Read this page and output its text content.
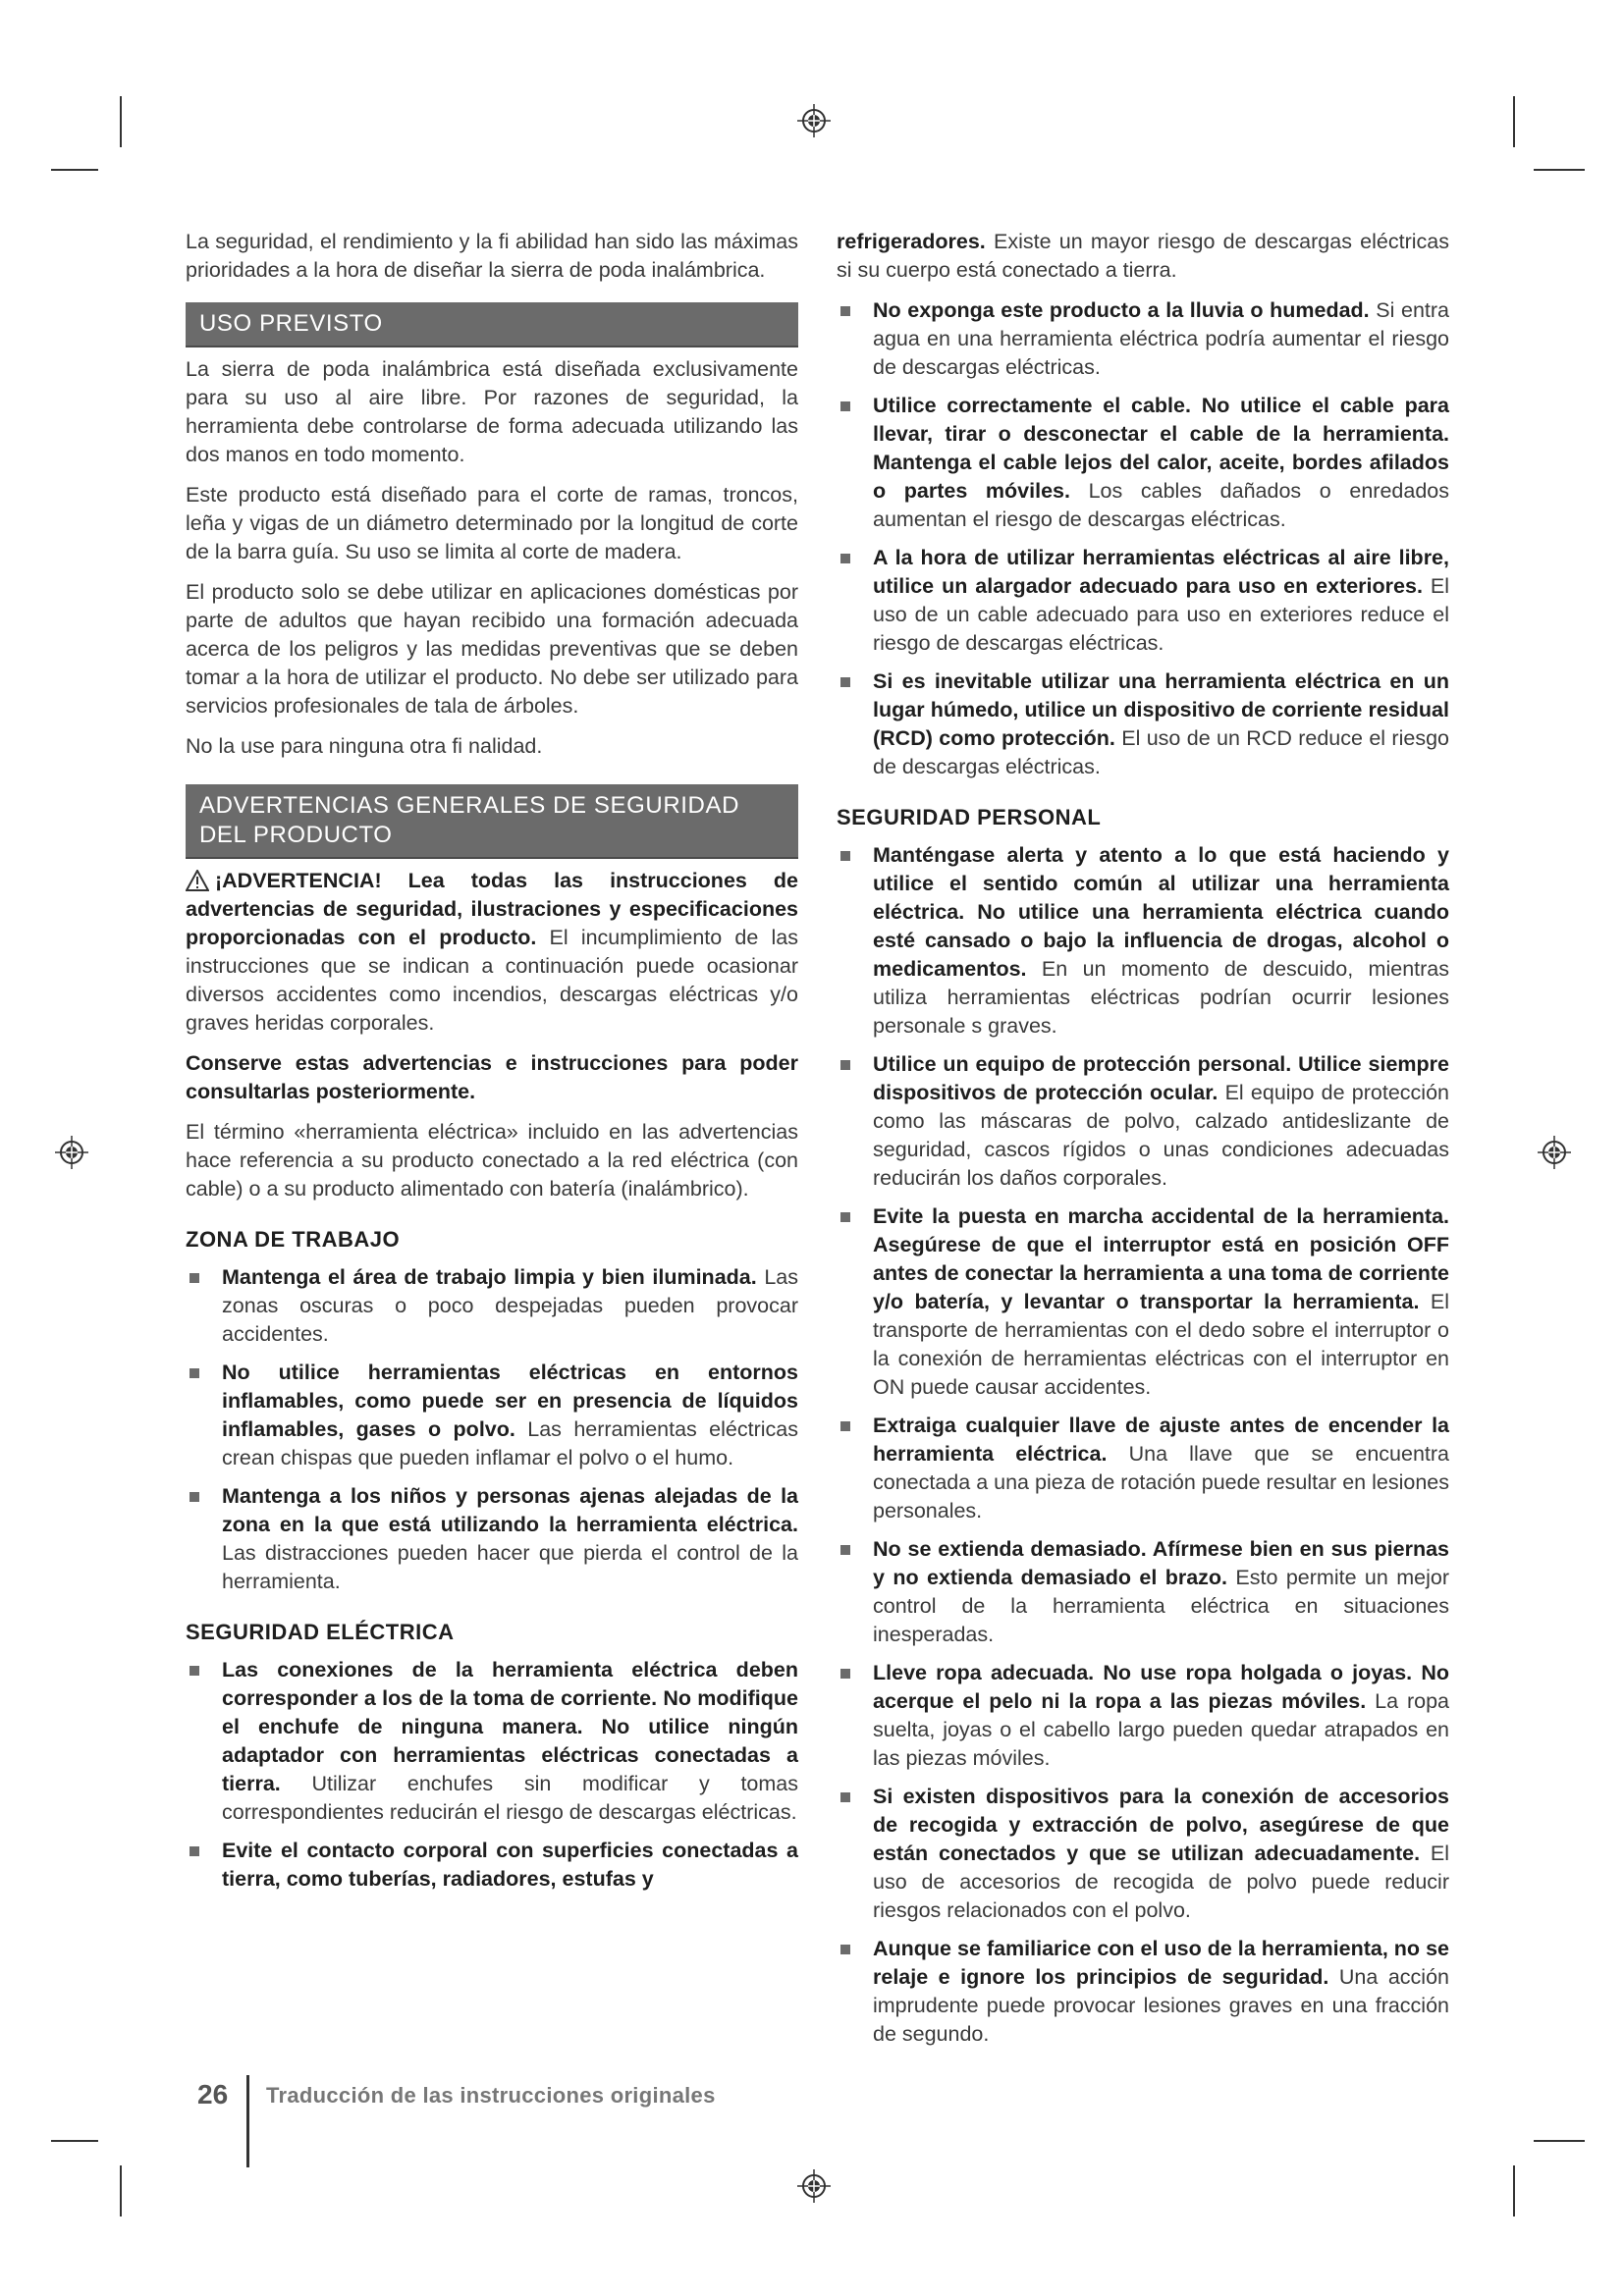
La seguridad, el rendimiento y la fi abilidad han sido las máximas prioridades a la hora de diseñar la sierra de poda inalámbrica.

USO PREVISTO

La sierra de poda inalámbrica está diseñada exclusivamente para su uso al aire libre. Por razones de seguridad, la herramienta debe controlarse de forma adecuada utilizando las dos manos en todo momento.

Este producto está diseñado para el corte de ramas, troncos, leña y vigas de un diámetro determinado por la longitud de corte de la barra guía. Su uso se limita al corte de madera.

El producto solo se debe utilizar en aplicaciones domésticas por parte de adultos que hayan recibido una formación adecuada acerca de los peligros y las medidas preventivas que se deben tomar a la hora de utilizar el producto. No debe ser utilizado para servicios profesionales de tala de árboles.

No la use para ninguna otra fi nalidad.

ADVERTENCIAS GENERALES DE SEGURIDAD DEL PRODUCTO

¡ADVERTENCIA! Lea todas las instrucciones de advertencias de seguridad, ilustraciones y especificaciones proporcionadas con el producto. El incumplimiento de las instrucciones que se indican a continuación puede ocasionar diversos accidentes como incendios, descargas eléctricas y/o graves heridas corporales.

Conserve estas advertencias e instrucciones para poder consultarlas posteriormente.

El término «herramienta eléctrica» incluido en las advertencias hace referencia a su producto conectado a la red eléctrica (con cable) o a su producto alimentado con batería (inalámbrico).

ZONA DE TRABAJO
Mantenga el área de trabajo limpia y bien iluminada. Las zonas oscuras o poco despejadas pueden provocar accidentes.
No utilice herramientas eléctricas en entornos inflamables, como puede ser en presencia de líquidos inflamables, gases o polvo. Las herramientas eléctricas crean chispas que pueden inflamar el polvo o el humo.
Mantenga a los niños y personas ajenas alejadas de la zona en la que está utilizando la herramienta eléctrica. Las distracciones pueden hacer que pierda el control de la herramienta.
SEGURIDAD ELÉCTRICA
Las conexiones de la herramienta eléctrica deben corresponder a los de la toma de corriente. No modifique el enchufe de ninguna manera. No utilice ningún adaptador con herramientas eléctricas conectadas a tierra. Utilizar enchufes sin modificar y tomas correspondientes reducirán el riesgo de descargas eléctricas.
Evite el contacto corporal con superficies conectadas a tierra, como tuberías, radiadores, estufas y

refrigeradores. Existe un mayor riesgo de descargas eléctricas si su cuerpo está conectado a tierra.

No exponga este producto a la lluvia o humedad. Si entra agua en una herramienta eléctrica podría aumentar el riesgo de descargas eléctricas.
Utilice correctamente el cable. No utilice el cable para llevar, tirar o desconectar el cable de la herramienta. Mantenga el cable lejos del calor, aceite, bordes afilados o partes móviles. Los cables dañados o enredados aumentan el riesgo de descargas eléctricas.
A la hora de utilizar herramientas eléctricas al aire libre, utilice un alargador adecuado para uso en exteriores. El uso de un cable adecuado para uso en exteriores reduce el riesgo de descargas eléctricas.
Si es inevitable utilizar una herramienta eléctrica en un lugar húmedo, utilice un dispositivo de corriente residual (RCD) como protección. El uso de un RCD reduce el riesgo de descargas eléctricas.
SEGURIDAD PERSONAL
Manténgase alerta y atento a lo que está haciendo y utilice el sentido común al utilizar una herramienta eléctrica. No utilice una herramienta eléctrica cuando esté cansado o bajo la influencia de drogas, alcohol o medicamentos. En un momento de descuido, mientras utiliza herramientas eléctricas podrían ocurrir lesiones personale s graves.
Utilice un equipo de protección personal. Utilice siempre dispositivos de protección ocular. El equipo de protección como las máscaras de polvo, calzado antideslizante de seguridad, cascos rígidos o unas condiciones adecuadas reducirán los daños corporales.
Evite la puesta en marcha accidental de la herramienta. Asegúrese de que el interruptor está en posición OFF antes de conectar la herramienta a una toma de corriente y/o batería, y levantar o transportar la herramienta. El transporte de herramientas con el dedo sobre el interruptor o la conexión de herramientas eléctricas con el interruptor en ON puede causar accidentes.
Extraiga cualquier llave de ajuste antes de encender la herramienta eléctrica. Una llave que se encuentra conectada a una pieza de rotación puede resultar en lesiones personales.
No se extienda demasiado. Afírmese bien en sus piernas y no extienda demasiado el brazo. Esto permite un mejor control de la herramienta eléctrica en situaciones inesperadas.
Lleve ropa adecuada. No use ropa holgada o joyas. No acerque el pelo ni la ropa a las piezas móviles. La ropa suelta, joyas o el cabello largo pueden quedar atrapados en las piezas móviles.
Si existen dispositivos para la conexión de accesorios de recogida y extracción de polvo, asegúrese de que están conectados y que se utilizan adecuadamente. El uso de accesorios de recogida de polvo puede reducir riesgos relacionados con el polvo.
Aunque se familiarice con el uso de la herramienta, no se relaje e ignore los principios de seguridad. Una acción imprudente puede provocar lesiones graves en una fracción de segundo.
26 Traducción de las instrucciones originales
